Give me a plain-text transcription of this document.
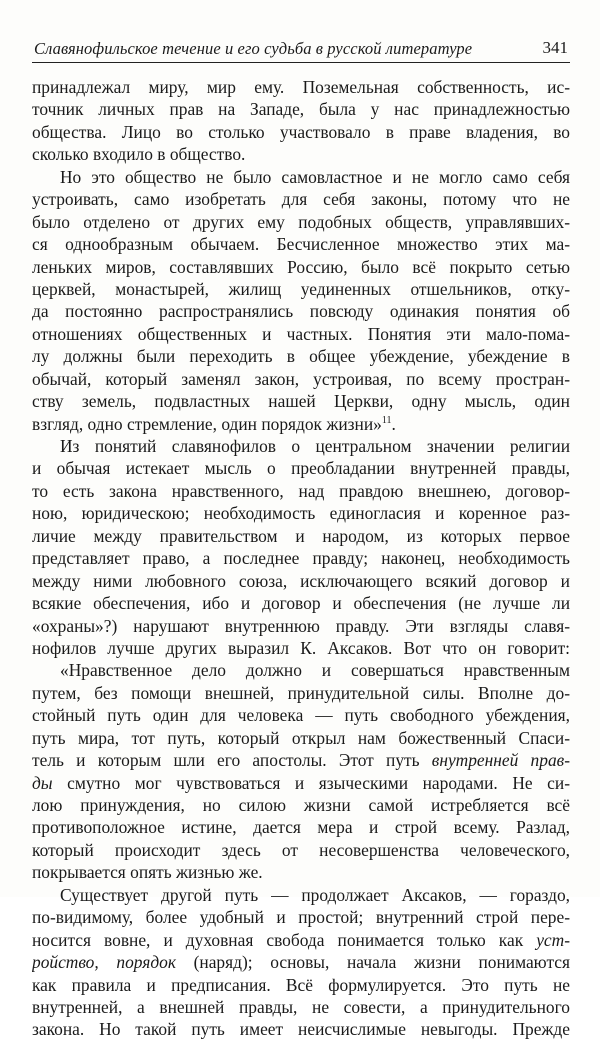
Славянофильское течение и его судьба в русской литературе	341
принадлежал миру, мир ему. Поземельная собственность, ис-
точник личных прав на Западе, была у нас принадлежностью
общества. Лицо во столько участвовало в праве владения, во
сколько входило в общество.
Но это общество не было самовластное и не могло само себя
устроивать, само изобретать для себя законы, потому что не
было отделено от других ему подобных обществ, управлявших-
ся однообразным обычаем. Бесчисленное множество этих ма-
леньких миров, составлявших Россию, было всё покрыто сетью
церквей, монастырей, жилищ уединенных отшельников, отку-
да постоянно распространялись повсюду одинакия понятия об
отношениях общественных и частных. Понятия эти мало-пома-
лу должны были переходить в общее убеждение, убеждение в
обычай, который заменял закон, устроивая, по всему простран-
ству земель, подвластных нашей Церкви, одну мысль, один
взгляд, одно стремление, один порядок жизни»$^{11}$.
Из понятий славянофилов о центральном значении религии
и обычая истекает мысль о преобладании внутренней правды,
то есть закона нравственного, над правдою внешнею, договор-
ною, юридическою; необходимость единогласия и коренное раз-
личие между правительством и народом, из которых первое
представляет право, а последнее правду; наконец, необходимость
между ними любовного союза, исключающего всякий договор и
всякие обеспечения, ибо и договор и обеспечения (не лучше ли
«охраны»?) нарушают внутреннюю правду. Эти взгляды славя-
нофилов лучше других выразил К. Аксаков. Вот что он говорит:
«Нравственное дело должно и совершаться нравственным
путем, без помощи внешней, принудительной силы. Вполне до-
стойный путь один для человека — путь свободного убеждения,
путь мира, тот путь, который открыл нам божественный Спаси-
тель и которым шли его апостолы. Этот путь внутренней прав-
ды смутно мог чувствоваться и языческими народами. Не си-
лою принуждения, но силою жизни самой истребляется всё
противоположное истине, дается мера и строй всему. Разлад,
который происходит здесь от несовершенства человеческого,
покрывается опять жизнью же.
Существует другой путь — продолжает Аксаков, — гораздо,
по-видимому, более удобный и простой; внутренний строй пере-
носится вовне, и духовная свобода понимается только как уст-
ройство, порядок (наряд); основы, начала жизни понимаются
как правила и предписания. Всё формулируется. Это путь не
внутренней, а внешней правды, не совести, а принудительного
закона. Но такой путь имеет неисчислимые невыгоды. Прежде
